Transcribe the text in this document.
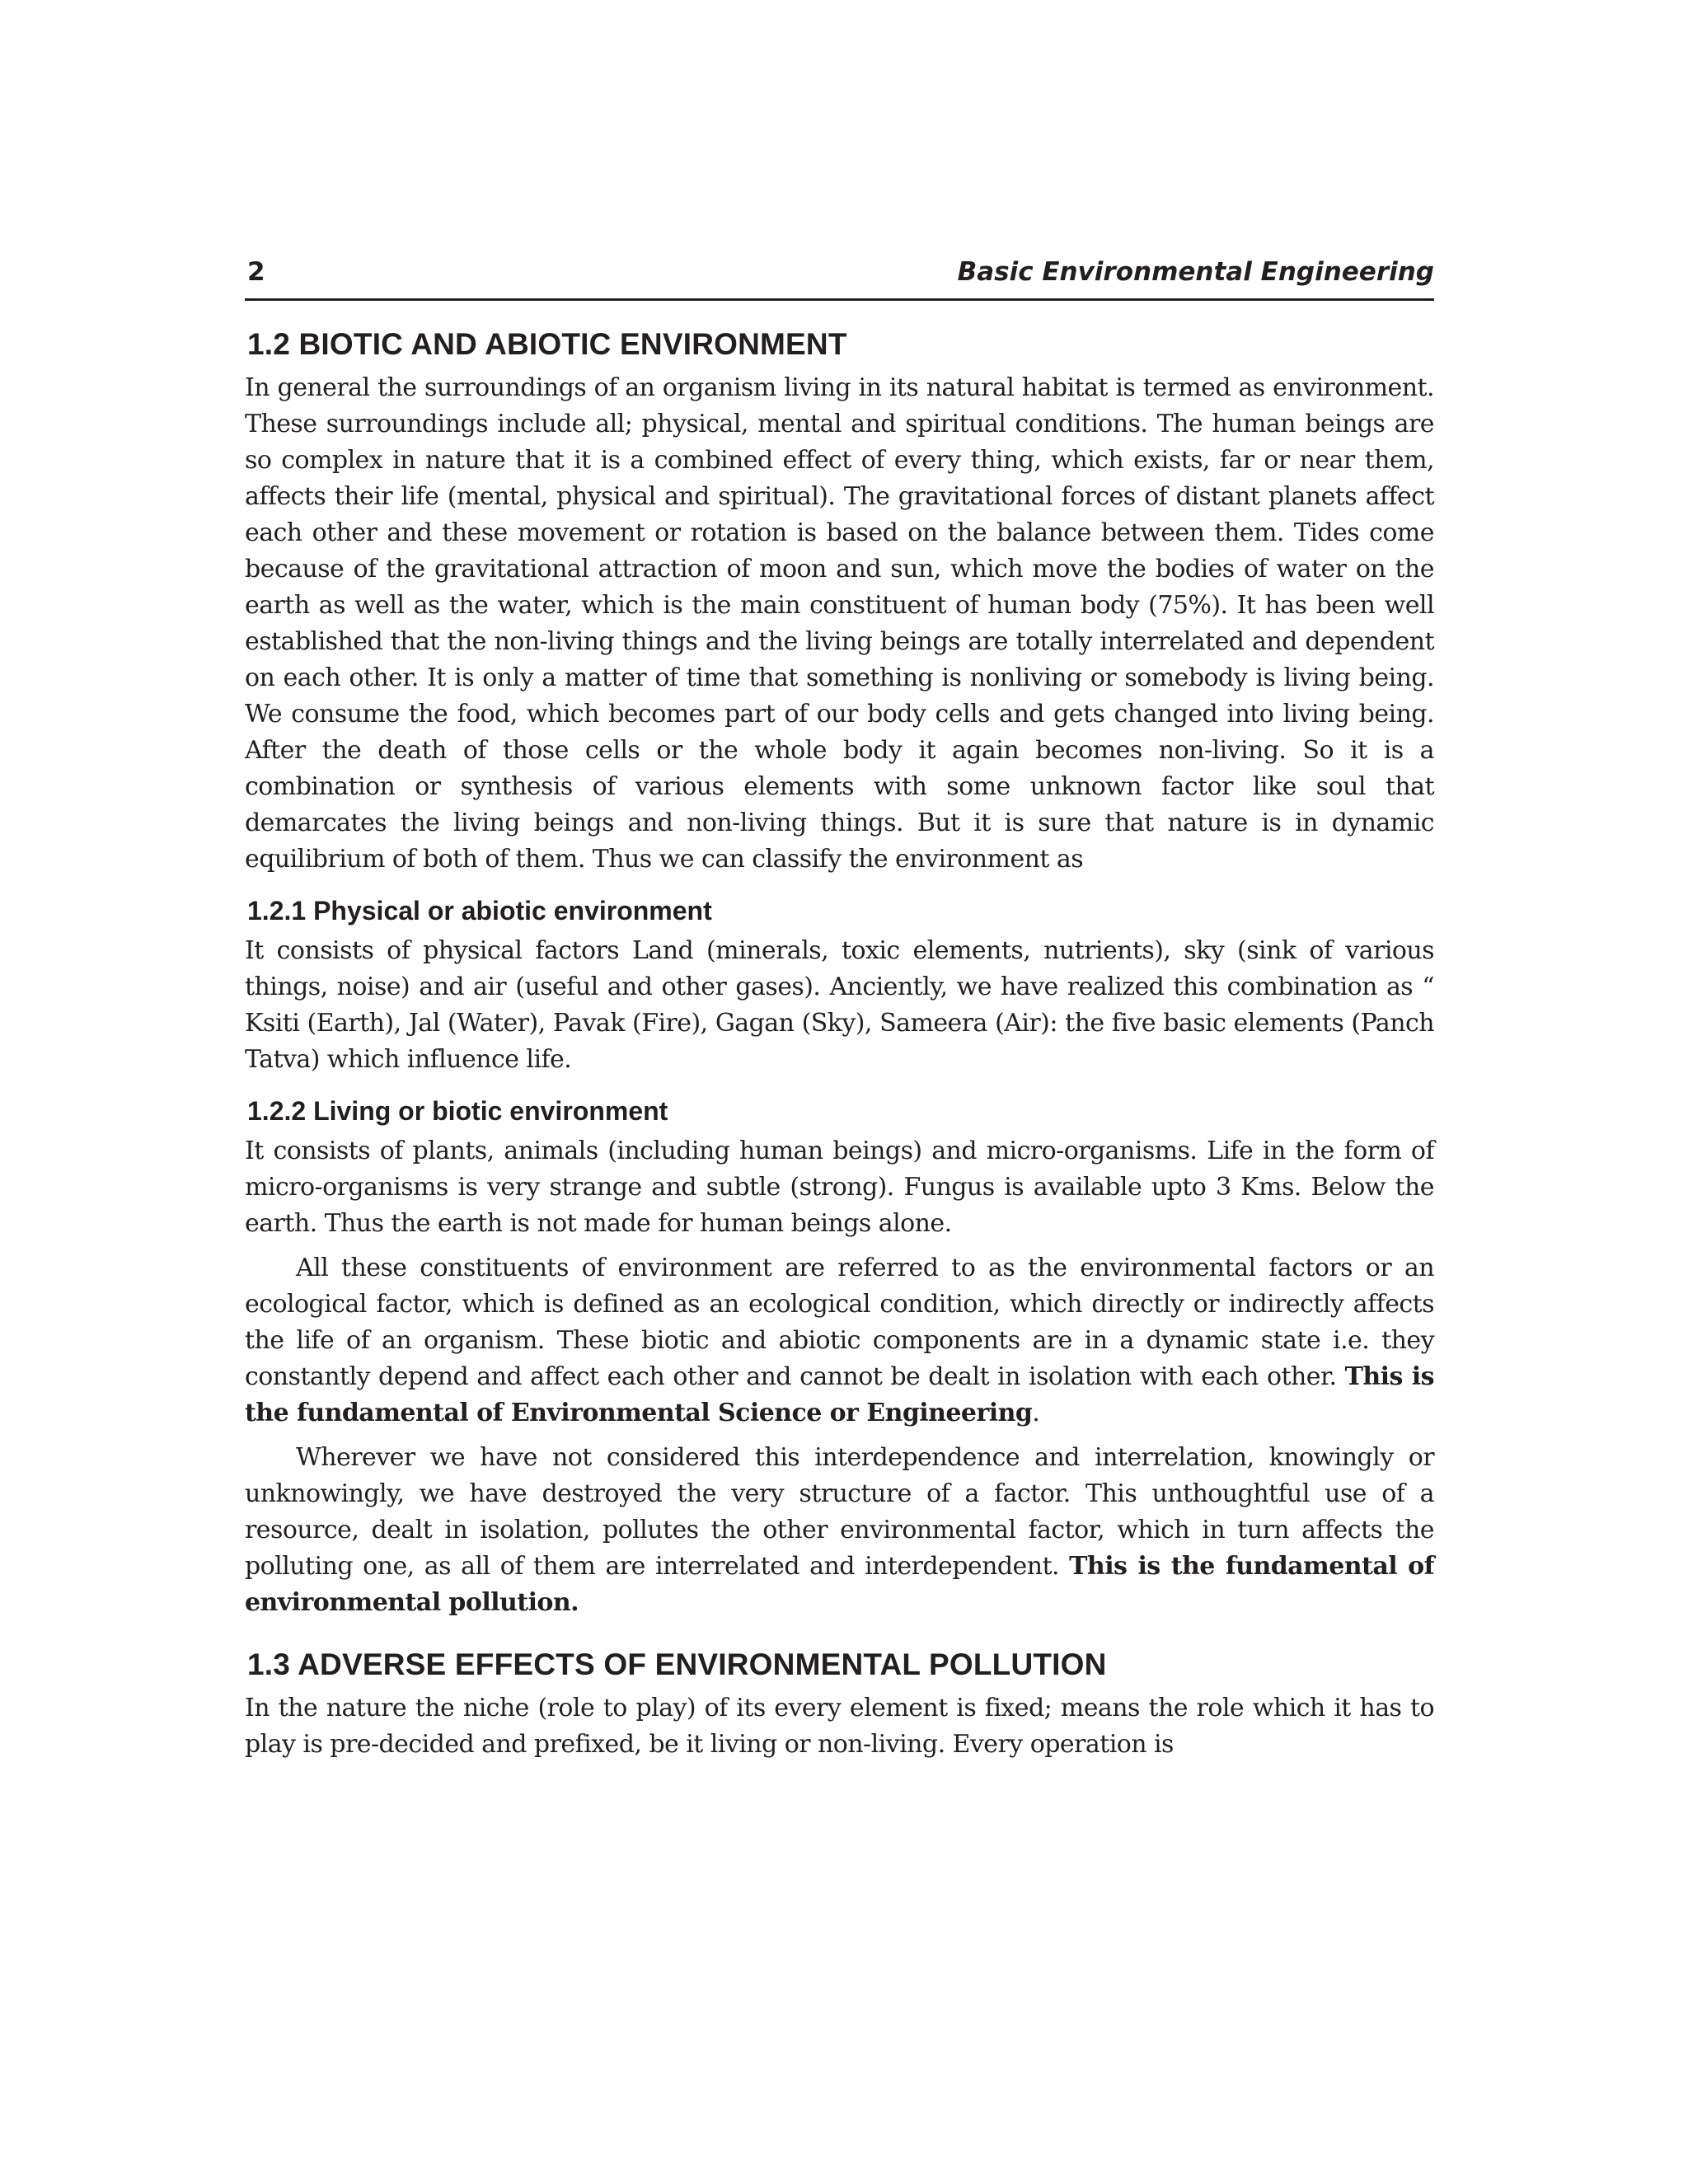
2	Basic Environmental Engineering
1.2 BIOTIC AND ABIOTIC ENVIRONMENT

In general the surroundings of an organism living in its natural habitat is termed as environment. These surroundings include all; physical, mental and spiritual conditions. The human beings are so complex in nature that it is a combined effect of every thing, which exists, far or near them, affects their life (mental, physical and spiritual). The gravitational forces of distant planets affect each other and these movement or rotation is based on the balance between them. Tides come because of the gravitational attraction of moon and sun, which move the bodies of water on the earth as well as the water, which is the main constituent of human body (75%). It has been well established that the non-living things and the living beings are totally interrelated and dependent on each other. It is only a matter of time that something is nonliving or somebody is living being. We consume the food, which becomes part of our body cells and gets changed into living being. After the death of those cells or the whole body it again becomes non-living. So it is a combination or synthesis of various elements with some unknown factor like soul that demarcates the living beings and non-living things. But it is sure that nature is in dynamic equilibrium of both of them. Thus we can classify the environment as

1.2.1 Physical or abiotic environment

It consists of physical factors Land (minerals, toxic elements, nutrients), sky (sink of various things, noise) and air (useful and other gases). Anciently, we have realized this combination as “ Ksiti (Earth), Jal (Water), Pavak (Fire), Gagan (Sky), Sameera (Air): the five basic elements (Panch Tatva) which influence life.

1.2.2 Living or biotic environment

It consists of plants, animals (including human beings) and micro-organisms. Life in the form of micro-organisms is very strange and subtle (strong). Fungus is available upto 3 Kms. Below the earth. Thus the earth is not made for human beings alone.

All these constituents of environment are referred to as the environmental factors or an ecological factor, which is defined as an ecological condition, which directly or indirectly affects the life of an organism. These biotic and abiotic components are in a dynamic state i.e. they constantly depend and affect each other and cannot be dealt in isolation with each other. This is the fundamental of Environmental Science or Engineering.

Wherever we have not considered this interdependence and interrelation, knowingly or unknowingly, we have destroyed the very structure of a factor. This unthoughtful use of a resource, dealt in isolation, pollutes the other environmental factor, which in turn affects the polluting one, as all of them are interrelated and interdependent. This is the fundamental of environmental pollution.

1.3 ADVERSE EFFECTS OF ENVIRONMENTAL POLLUTION

In the nature the niche (role to play) of its every element is fixed; means the role which it has to play is pre-decided and prefixed, be it living or non-living. Every operation is
